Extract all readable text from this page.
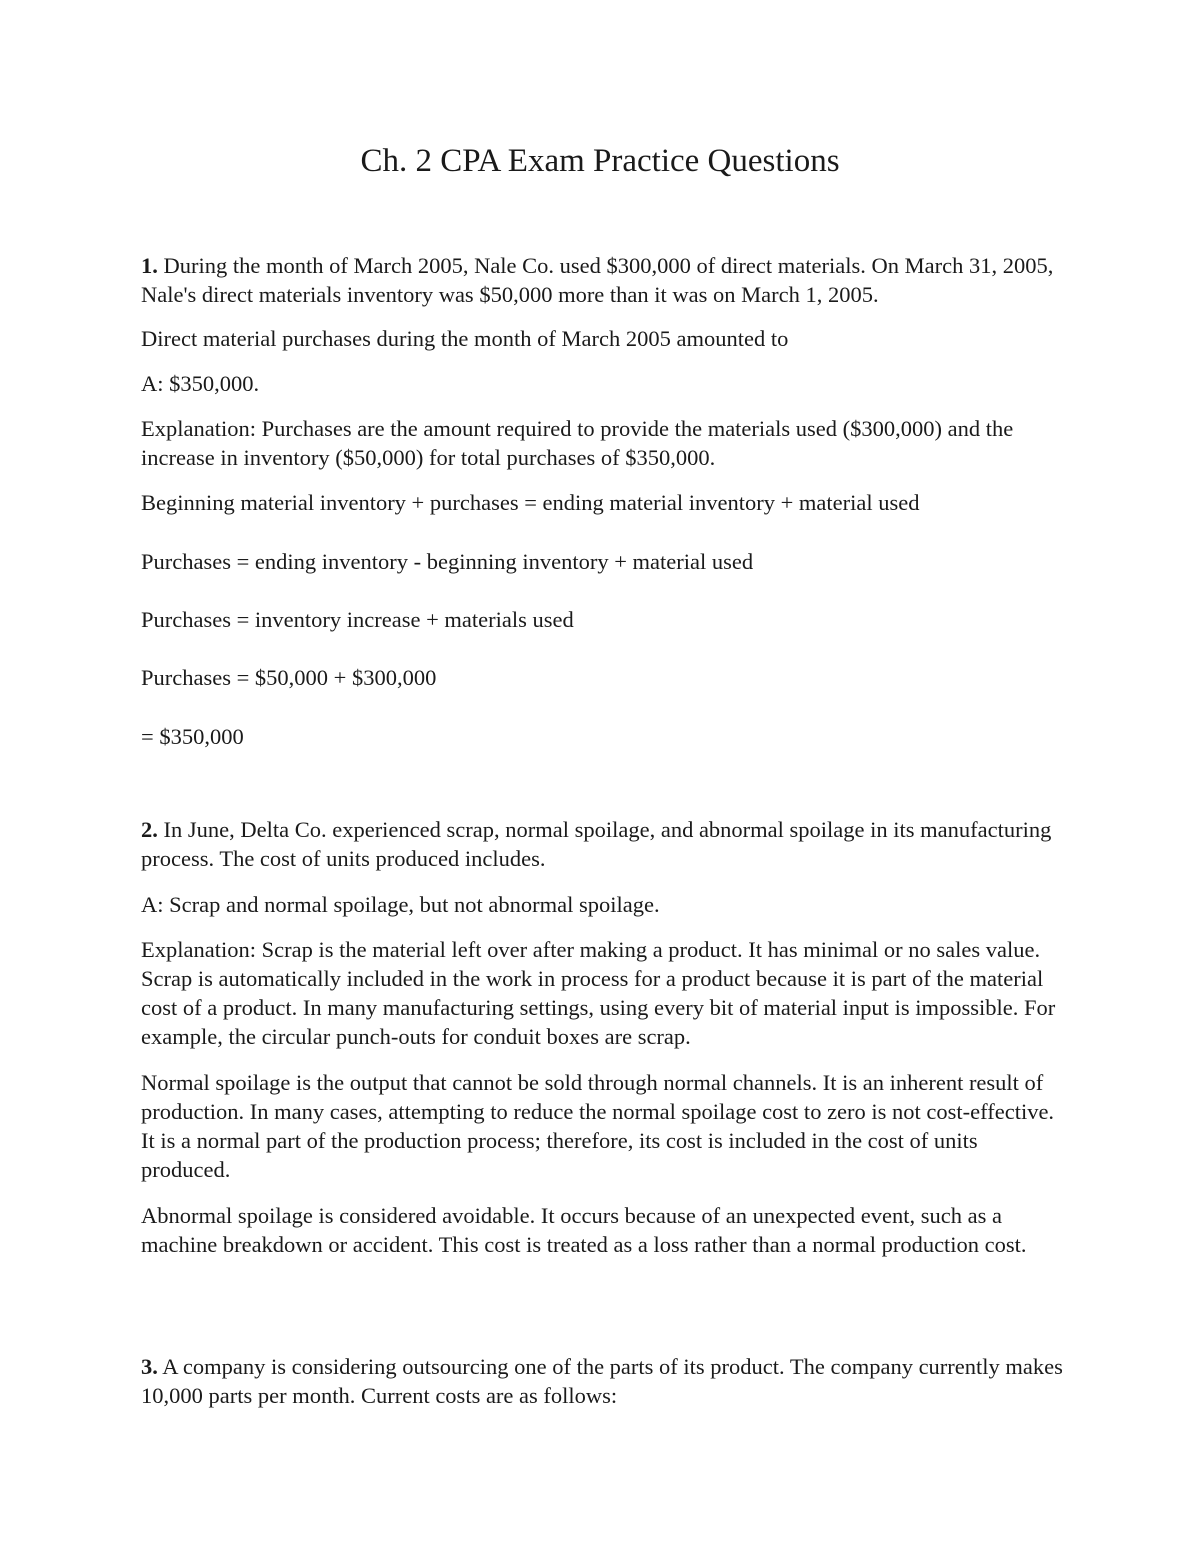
Ch. 2 CPA Exam Practice Questions

1. During the month of March 2005, Nale Co. used $300,000 of direct materials. On March 31, 2005, Nale's direct materials inventory was $50,000 more than it was on March 1, 2005.

Direct material purchases during the month of March 2005 amounted to

A: $350,000.

Explanation: Purchases are the amount required to provide the materials used ($300,000) and the increase in inventory ($50,000) for total purchases of $350,000.

Beginning material inventory + purchases = ending material inventory + material used

Purchases = ending inventory - beginning inventory + material used

Purchases = inventory increase + materials used

Purchases = $50,000 + $300,000

= $350,000

2. In June, Delta Co. experienced scrap, normal spoilage, and abnormal spoilage in its manufacturing process. The cost of units produced includes.

A: Scrap and normal spoilage, but not abnormal spoilage.

Explanation: Scrap is the material left over after making a product. It has minimal or no sales value. Scrap is automatically included in the work in process for a product because it is part of the material cost of a product. In many manufacturing settings, using every bit of material input is impossible. For example, the circular punch-outs for conduit boxes are scrap.

Normal spoilage is the output that cannot be sold through normal channels. It is an inherent result of production. In many cases, attempting to reduce the normal spoilage cost to zero is not cost-effective. It is a normal part of the production process; therefore, its cost is included in the cost of units produced.

Abnormal spoilage is considered avoidable. It occurs because of an unexpected event, such as a machine breakdown or accident. This cost is treated as a loss rather than a normal production cost.

3. A company is considering outsourcing one of the parts of its product. The company currently makes 10,000 parts per month. Current costs are as follows:
